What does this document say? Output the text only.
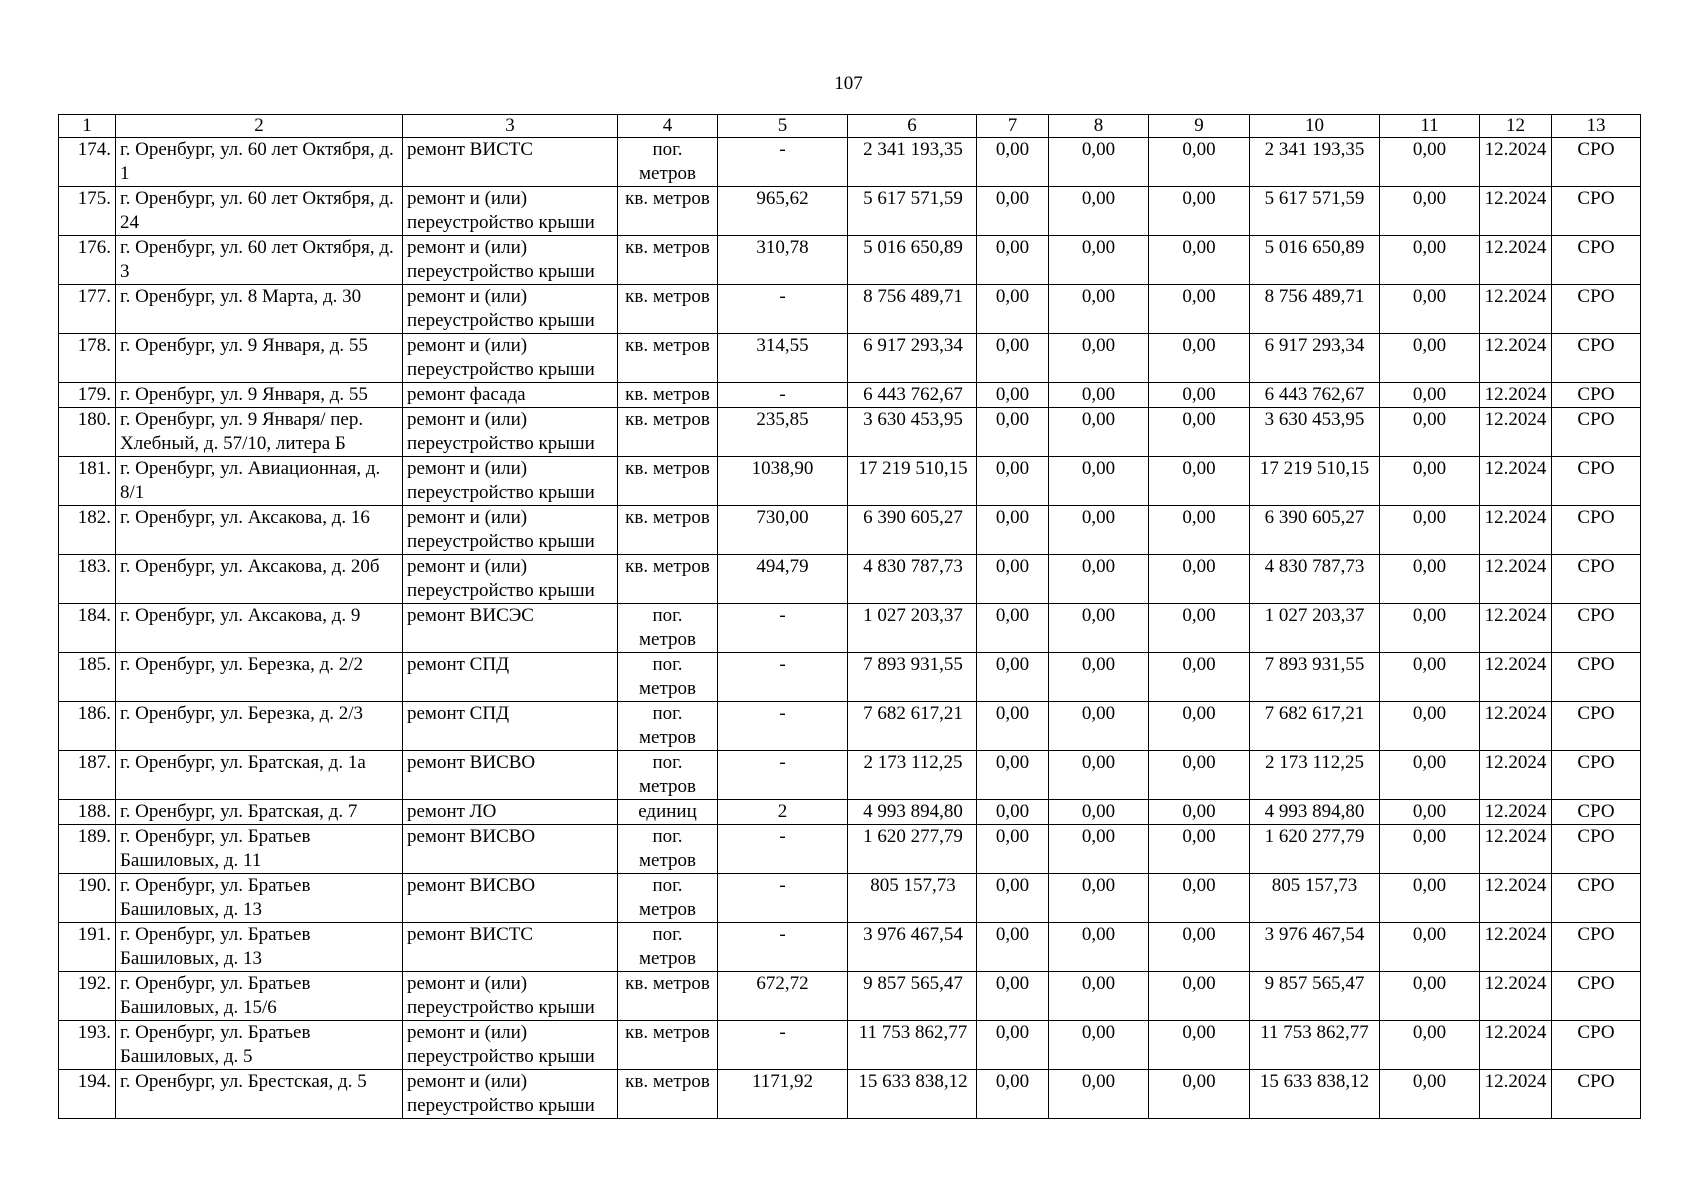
107
1	2	3	4	5	6	7	8	9	10	11	12	13
174.	г. Оренбург, ул. 60 лет Октября, д. 1	ремонт ВИСТС	пог. метров	-	2 341 193,35	0,00	0,00	0,00	2 341 193,35	0,00	12.2024	СРО
175.	г. Оренбург, ул. 60 лет Октября, д. 24	ремонт и (или) переустройство крыши	кв. метров	965,62	5 617 571,59	0,00	0,00	0,00	5 617 571,59	0,00	12.2024	СРО
176.	г. Оренбург, ул. 60 лет Октября, д. 3	ремонт и (или) переустройство крыши	кв. метров	310,78	5 016 650,89	0,00	0,00	0,00	5 016 650,89	0,00	12.2024	СРО
177.	г. Оренбург, ул. 8 Марта, д. 30	ремонт и (или) переустройство крыши	кв. метров	-	8 756 489,71	0,00	0,00	0,00	8 756 489,71	0,00	12.2024	СРО
178.	г. Оренбург, ул. 9 Января, д. 55	ремонт и (или) переустройство крыши	кв. метров	314,55	6 917 293,34	0,00	0,00	0,00	6 917 293,34	0,00	12.2024	СРО
179.	г. Оренбург, ул. 9 Января, д. 55	ремонт фасада	кв. метров	-	6 443 762,67	0,00	0,00	0,00	6 443 762,67	0,00	12.2024	СРО
180.	г. Оренбург, ул. 9 Января/ пер. Хлебный, д. 57/10, литера Б	ремонт и (или) переустройство крыши	кв. метров	235,85	3 630 453,95	0,00	0,00	0,00	3 630 453,95	0,00	12.2024	СРО
181.	г. Оренбург, ул. Авиационная, д. 8/1	ремонт и (или) переустройство крыши	кв. метров	1038,90	17 219 510,15	0,00	0,00	0,00	17 219 510,15	0,00	12.2024	СРО
182.	г. Оренбург, ул. Аксакова, д. 16	ремонт и (или) переустройство крыши	кв. метров	730,00	6 390 605,27	0,00	0,00	0,00	6 390 605,27	0,00	12.2024	СРО
183.	г. Оренбург, ул. Аксакова, д. 20б	ремонт и (или) переустройство крыши	кв. метров	494,79	4 830 787,73	0,00	0,00	0,00	4 830 787,73	0,00	12.2024	СРО
184.	г. Оренбург, ул. Аксакова, д. 9	ремонт ВИСЭС	пог. метров	-	1 027 203,37	0,00	0,00	0,00	1 027 203,37	0,00	12.2024	СРО
185.	г. Оренбург, ул. Березка, д. 2/2	ремонт СПД	пог. метров	-	7 893 931,55	0,00	0,00	0,00	7 893 931,55	0,00	12.2024	СРО
186.	г. Оренбург, ул. Березка, д. 2/3	ремонт СПД	пог. метров	-	7 682 617,21	0,00	0,00	0,00	7 682 617,21	0,00	12.2024	СРО
187.	г. Оренбург, ул. Братская, д. 1а	ремонт ВИСВО	пог. метров	-	2 173 112,25	0,00	0,00	0,00	2 173 112,25	0,00	12.2024	СРО
188.	г. Оренбург, ул. Братская, д. 7	ремонт ЛО	единиц	2	4 993 894,80	0,00	0,00	0,00	4 993 894,80	0,00	12.2024	СРО
189.	г. Оренбург, ул. Братьев Башиловых, д. 11	ремонт ВИСВО	пог. метров	-	1 620 277,79	0,00	0,00	0,00	1 620 277,79	0,00	12.2024	СРО
190.	г. Оренбург, ул. Братьев Башиловых, д. 13	ремонт ВИСВО	пог. метров	-	805 157,73	0,00	0,00	0,00	805 157,73	0,00	12.2024	СРО
191.	г. Оренбург, ул. Братьев Башиловых, д. 13	ремонт ВИСТС	пог. метров	-	3 976 467,54	0,00	0,00	0,00	3 976 467,54	0,00	12.2024	СРО
192.	г. Оренбург, ул. Братьев Башиловых, д. 15/6	ремонт и (или) переустройство крыши	кв. метров	672,72	9 857 565,47	0,00	0,00	0,00	9 857 565,47	0,00	12.2024	СРО
193.	г. Оренбург, ул. Братьев Башиловых, д. 5	ремонт и (или) переустройство крыши	кв. метров	-	11 753 862,77	0,00	0,00	0,00	11 753 862,77	0,00	12.2024	СРО
194.	г. Оренбург, ул. Брестская, д. 5	ремонт и (или) переустройство крыши	кв. метров	1171,92	15 633 838,12	0,00	0,00	0,00	15 633 838,12	0,00	12.2024	СРО
